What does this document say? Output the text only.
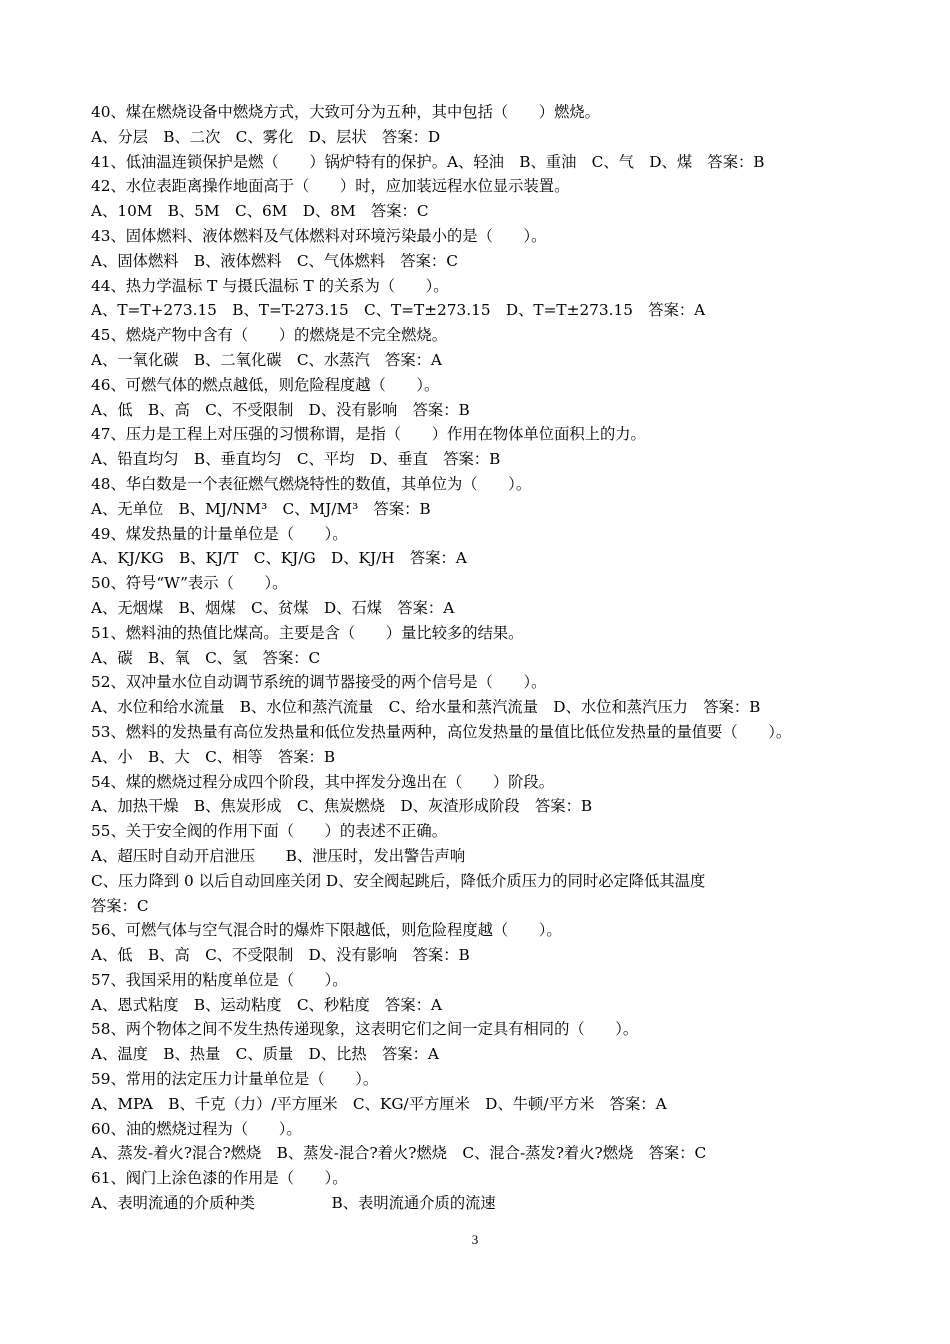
40、煤在燃烧设备中燃烧方式，大致可分为五种，其中包括（　　）燃烧。
A、分层　B、二次　C、雾化　D、层状　答案：D
41、低油温连锁保护是燃（　　）锅炉特有的保护。A、轻油　B、重油　C、气　D、煤　答案：B
42、水位表距离操作地面高于（　　）时，应加装远程水位显示装置。
A、10M　B、5M　C、6M　D、8M　答案：C
43、固体燃料、液体燃料及气体燃料对环境污染最小的是（　　）。
A、固体燃料　B、液体燃料　C、气体燃料　答案：C
44、热力学温标 T 与摄氏温标 T 的关系为（　　）。
A、T=T+273.15　B、T=T-273.15　C、T=T±273.15　D、T=T±273.15　答案：A
45、燃烧产物中含有（　　）的燃烧是不完全燃烧。
A、一氧化碳　B、二氧化碳　C、水蒸汽　答案：A
46、可燃气体的燃点越低，则危险程度越（　　）。
A、低　B、高　C、不受限制　D、没有影响　答案：B
47、压力是工程上对压强的习惯称谓，是指（　　）作用在物体单位面积上的力。
A、铅直均匀　B、垂直均匀　C、平均　D、垂直　答案：B
48、华白数是一个表征燃气燃烧特性的数值，其单位为（　　）。
A、无单位　B、MJ/NM³　C、MJ/M³　答案：B
49、煤发热量的计量单位是（　　）。
A、KJ/KG　B、KJ/T　C、KJ/G　D、KJ/H　答案：A
50、符号“W”表示（　　）。
A、无烟煤　B、烟煤　C、贫煤　D、石煤　答案：A
51、燃料油的热值比煤高。主要是含（　　）量比较多的结果。
A、碳　B、氧　C、氢　答案：C
52、双冲量水位自动调节系统的调节器接受的两个信号是（　　）。
A、水位和给水流量　B、水位和蒸汽流量　C、给水量和蒸汽流量　D、水位和蒸汽压力　答案：B
53、燃料的发热量有高位发热量和低位发热量两种，高位发热量的量值比低位发热量的量值要（　　）。
A、小　B、大　C、相等　答案：B
54、煤的燃烧过程分成四个阶段，其中挥发分逸出在（　　）阶段。
A、加热干燥　B、焦炭形成　C、焦炭燃烧　D、灰渣形成阶段　答案：B
55、关于安全阀的作用下面（　　）的表述不正确。
A、超压时自动开启泄压　　B、泄压时，发出警告声响
C、压力降到 0 以后自动回座关闭 D、安全阀起跳后，降低介质压力的同时必定降低其温度
答案：C
56、可燃气体与空气混合时的爆炸下限越低，则危险程度越（　　）。
A、低　B、高　C、不受限制　D、没有影响　答案：B
57、我国采用的粘度单位是（　　）。
A、恩式粘度　B、运动粘度　C、秒粘度　答案：A
58、两个物体之间不发生热传递现象，这表明它们之间一定具有相同的（　　）。
A、温度　B、热量　C、质量　D、比热　答案：A
59、常用的法定压力计量单位是（　　）。
A、MPA　B、千克（力）/平方厘米　C、KG/平方厘米　D、牛顿/平方米　答案：A
60、油的燃烧过程为（　　）。
A、蒸发-着火?混合?燃烧　B、蒸发-混合?着火?燃烧　C、混合-蒸发?着火?燃烧　答案：C
61、阀门上涂色漆的作用是（　　）。
A、表明流通的介质种类　　　　　B、表明流通介质的流速
3
